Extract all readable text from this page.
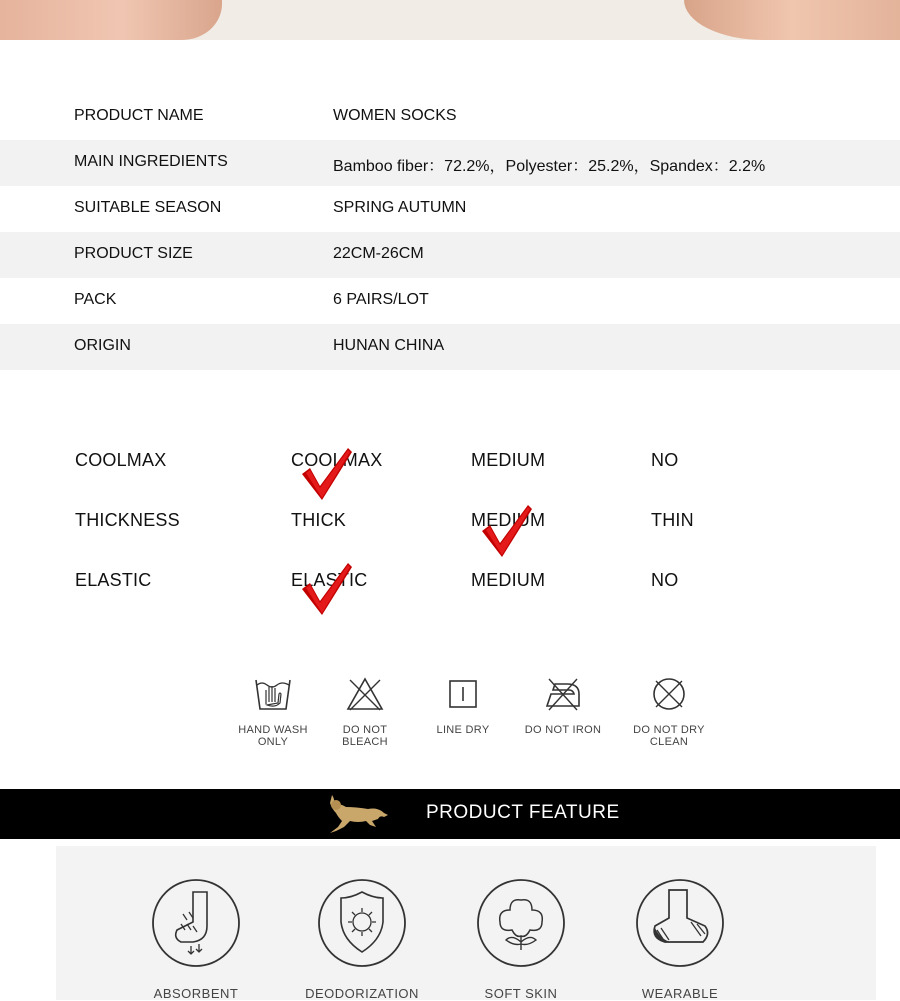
PRODUCT NAME	WOMEN SOCKS
MAIN INGREDIENTS	Bamboo fiber：72.2%，Polyester：25.2%，Spandex：2.2%
SUITABLE SEASON	SPRING AUTUMN
PRODUCT SIZE	22CM-26CM
PACK	6 PAIRS/LOT
ORIGIN	HUNAN CHINA
COOLMAX	COOLMAX	MEDIUM	NO
THICKNESS	THICK	MEDIUM	THIN
ELASTIC	ELASTIC	MEDIUM	NO
HAND WASH
ONLY
DO NOT
BLEACH
LINE DRY	DO NOT IRON	DO NOT DRY
CLEAN
PRODUCT FEATURE
ABSORBENT	DEODORIZATION	SOFT SKIN	WEARABLE
